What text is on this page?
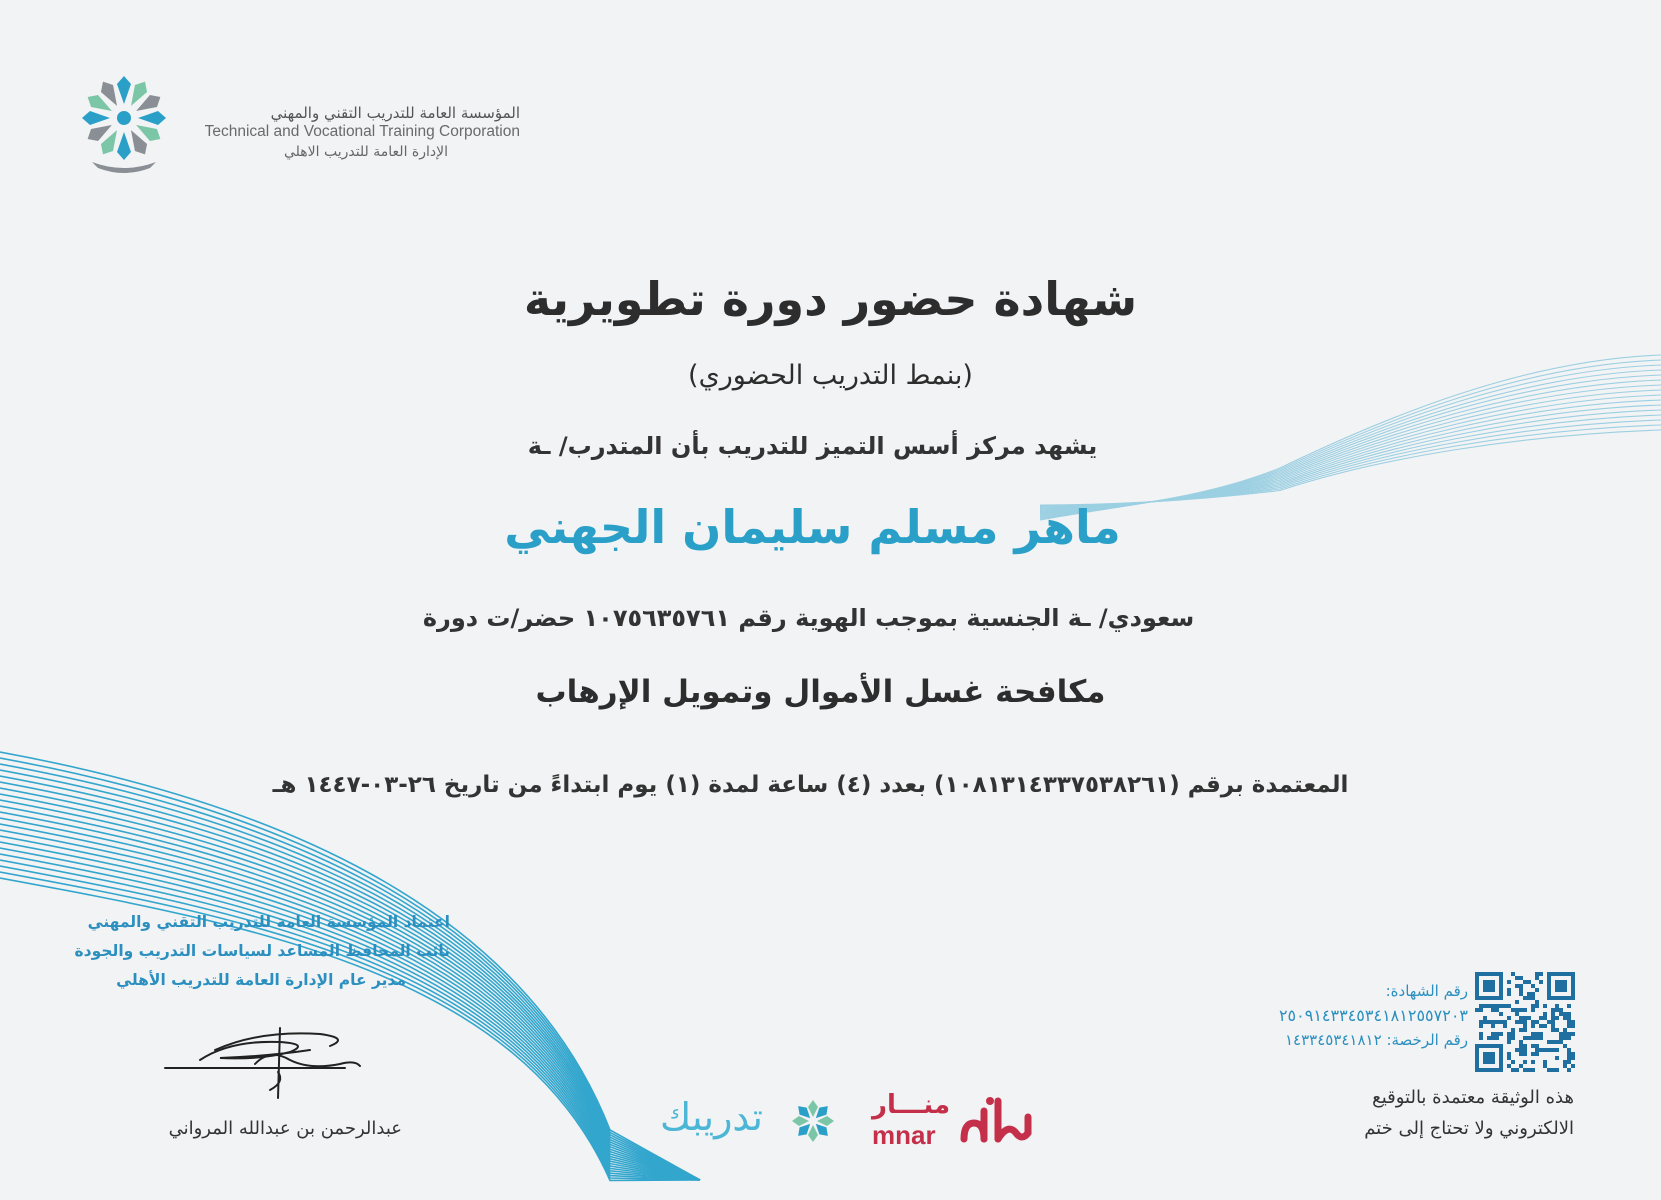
المؤسسة العامة للتدريب التقني والمهني
Technical and Vocational Training Corporation
الإدارة العامة للتدريب الاهلي
شهادة حضور دورة تطويرية
(بنمط التدريب الحضوري)
يشهد مركز أسس التميز للتدريب بأن المتدرب/ ـة
ماهر مسلم سليمان الجهني
سعودي/ ـة الجنسية بموجب الهوية رقم ١٠٧٥٦٣٥٧٦١ حضر/ت دورة
مكافحة غسل الأموال وتمويل الإرهاب
المعتمدة برقم (١٠٨١٣١٤٣٣٧٥٣٨٢٦١) بعدد (٤) ساعة لمدة (١) يوم ابتداءً من تاريخ ٢٦-٠٣-١٤٤٧ هـ
اعتماد المؤسسة العامة للتدريب التقني والمهني
نائب المحافظ المساعد لسياسات التدريب والجودة
مدير عام الإدارة العامة للتدريب الأهلي
عبدالرحمن بن عبدالله المرواني	تدريبك	منـــار
mnar
رقم الشهادة:
٢٥٠٩١٤٣٣٤٥٣٤١٨١٢٥٥٧٢٠٣
رقم الرخصة: ١٤٣٣٤٥٣٤١٨١٢
هذه الوثيقة معتمدة بالتوقيع
الالكتروني ولا تحتاج إلى ختم
